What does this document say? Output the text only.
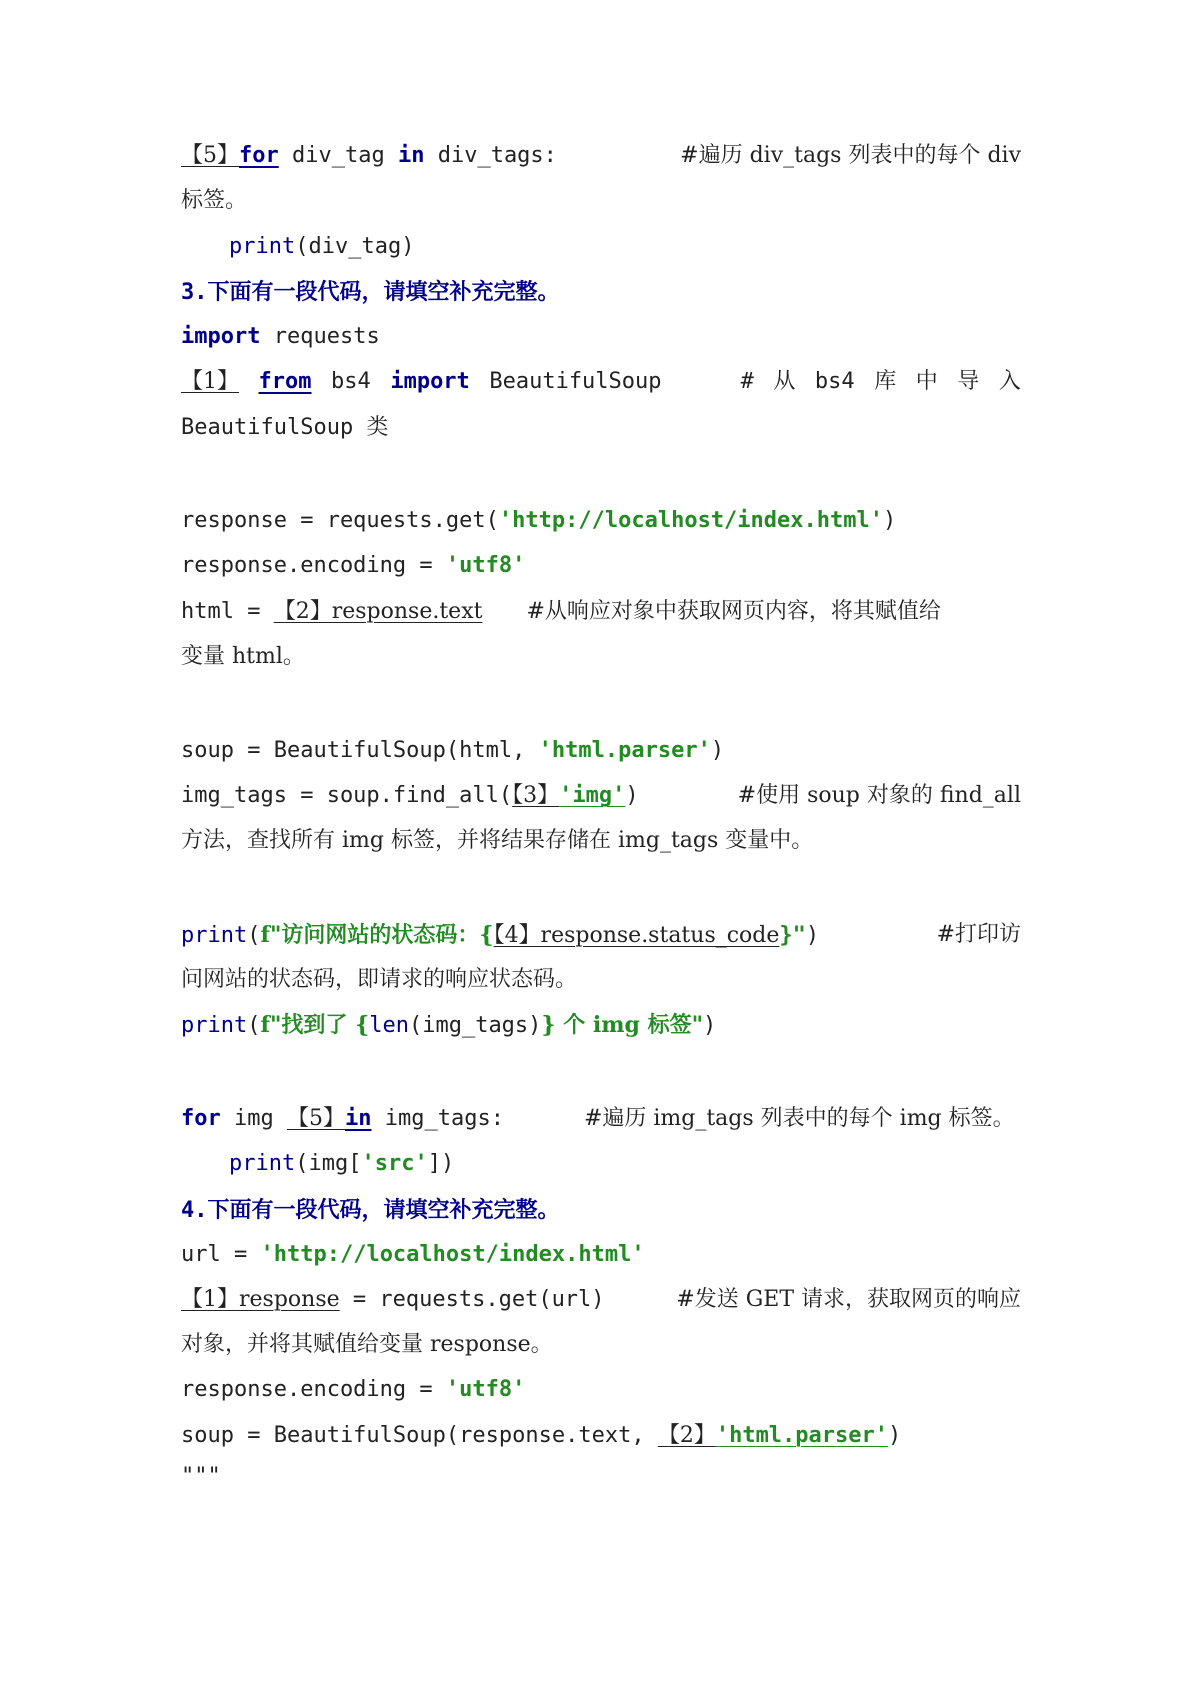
【5】for div_tag in div_tags:	#遍历 div_tags 列表中的每个 div
标签。
print(div_tag)
3.下面有一段代码，请填空补充完整。
import requests
【1】 from bs4 import BeautifulSoup	# 从 bs4 库 中 导 入
BeautifulSoup 类
response = requests.get('http://localhost/index.html')
response.encoding = 'utf8'
html = 【2】response.text #从响应对象中获取网页内容，将其赋值给
变量 html。
soup = BeautifulSoup(html, 'html.parser')
img_tags = soup.find_all(【3】'img')	#使用 soup 对象的 find_all
方法，查找所有 img 标签，并将结果存储在 img_tags 变量中。
print(f"访问网站的状态码：{【4】response.status_code}")	#打印访
问网站的状态码，即请求的响应状态码。
print(f"找到了 {len(img_tags)} 个 img 标签")
for img 【5】in img_tags:	#遍历 img_tags 列表中的每个 img 标签。
print(img['src'])
4.下面有一段代码，请填空补充完整。
url = 'http://localhost/index.html'
【1】response = requests.get(url)	#发送 GET 请求，获取网页的响应
对象，并将其赋值给变量 response。
response.encoding = 'utf8'
soup = BeautifulSoup(response.text, 【2】'html.parser')
"""
